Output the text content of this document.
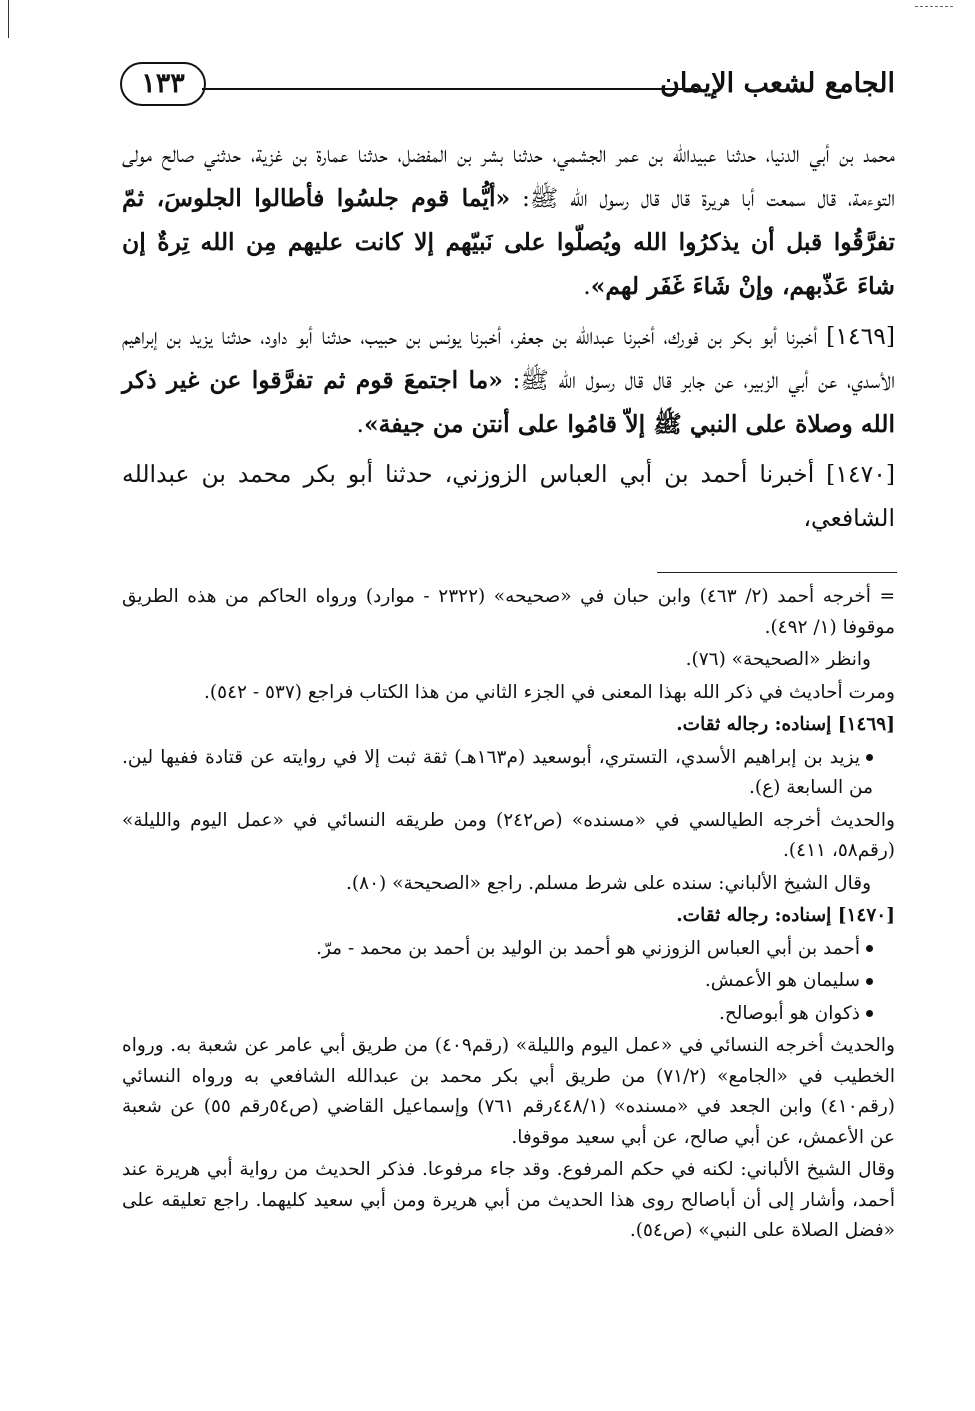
الجامع لشعب الإيمان
١٣٣

محمد بن أبي الدنيا، حدثنا عبيدالله بن عمر الجشمي، حدثنا بشر بن المفضل، حدثنا عمارة بن غزية، حدثني صالح مولى التوءمة، قال سمعت أبا هريرة قال قال رسول الله ﷺ: «أيُّما قوم جلسُوا فأطالوا الجلوسَ، ثمّ تفرَّقُوا قبل أن يذكرُوا الله ويُصلّوا على نَبيّهم إلا كانت عليهم مِن الله تِرةٌ إن شاءَ عَذّبهم، وإنْ شَاءَ غَفَر لهم».

[١٤٦٩] أخبرنا أبو بكر بن فورك، أخبرنا عبدالله بن جعفر، أخبرنا يونس بن حبيب، حدثنا أبو داود، حدثنا يزيد بن إبراهيم الأسدي، عن أبي الزبير، عن جابر قال قال رسول الله ﷺ: «ما اجتمعَ قوم ثم تفرَّقوا عن غير ذكر الله وصلاة على النبي ﷺ إلاّ قامُوا على أنتن من جيفة».

[١٤٧٠] أخبرنا أحمد بن أبي العباس الزوزني، حدثنا أبو بكر محمد بن عبدالله الشافعي،

= أخرجه أحمد (٢/ ٤٦٣) وابن حبان في «صحيحه» (٢٣٢٢ - موارد) ورواه الحاكم من هذه الطريق موقوفا (١/ ٤٩٢).

وانظر «الصحيحة» (٧٦).

ومرت أحاديث في ذكر الله بهذا المعنى في الجزء الثاني من هذا الكتاب فراجع (٥٣٧ - ٥٤٢).

[١٤٦٩] إسناده: رجاله ثقات.

يزيد بن إبراهيم الأسدي، التستري، أبوسعيد (م١٦٣هـ) ثقة ثبت إلا في روايته عن قتادة ففيها لين. من السابعة (ع).

والحديث أخرجه الطيالسي في «مسنده» (ص٢٤٢) ومن طريقه النسائي في «عمل اليوم والليلة» (رقم٥٨، ٤١١).

وقال الشيخ الألباني: سنده على شرط مسلم. راجع «الصحيحة» (٨٠).

[١٤٧٠] إسناده: رجاله ثقات.

أحمد بن أبي العباس الزوزني هو أحمد بن الوليد بن أحمد بن محمد - مرّ.

سليمان هو الأعمش.

ذكوان هو أبوصالح.

والحديث أخرجه النسائي في «عمل اليوم والليلة» (رقم٤٠٩) من طريق أبي عامر عن شعبة به. ورواه الخطيب في «الجامع» (٧١/٢) من طريق أبي بكر محمد بن عبدالله الشافعي به ورواه النسائي (رقم٤١٠) وابن الجعد في «مسنده» (٤٤٨/١رقم ٧٦١) وإسماعيل القاضي (ص٥٤رقم ٥٥) عن شعبة عن الأعمش، عن أبي صالح، عن أبي سعيد موقوفا.

وقال الشيخ الألباني: لكنه في حكم المرفوع. وقد جاء مرفوعا. فذكر الحديث من رواية أبي هريرة عند أحمد، وأشار إلى أن أباصالح روى هذا الحديث من أبي هريرة ومن أبي سعيد كليهما. راجع تعليقه على «فضل الصلاة على النبي» (ص٥٤).
